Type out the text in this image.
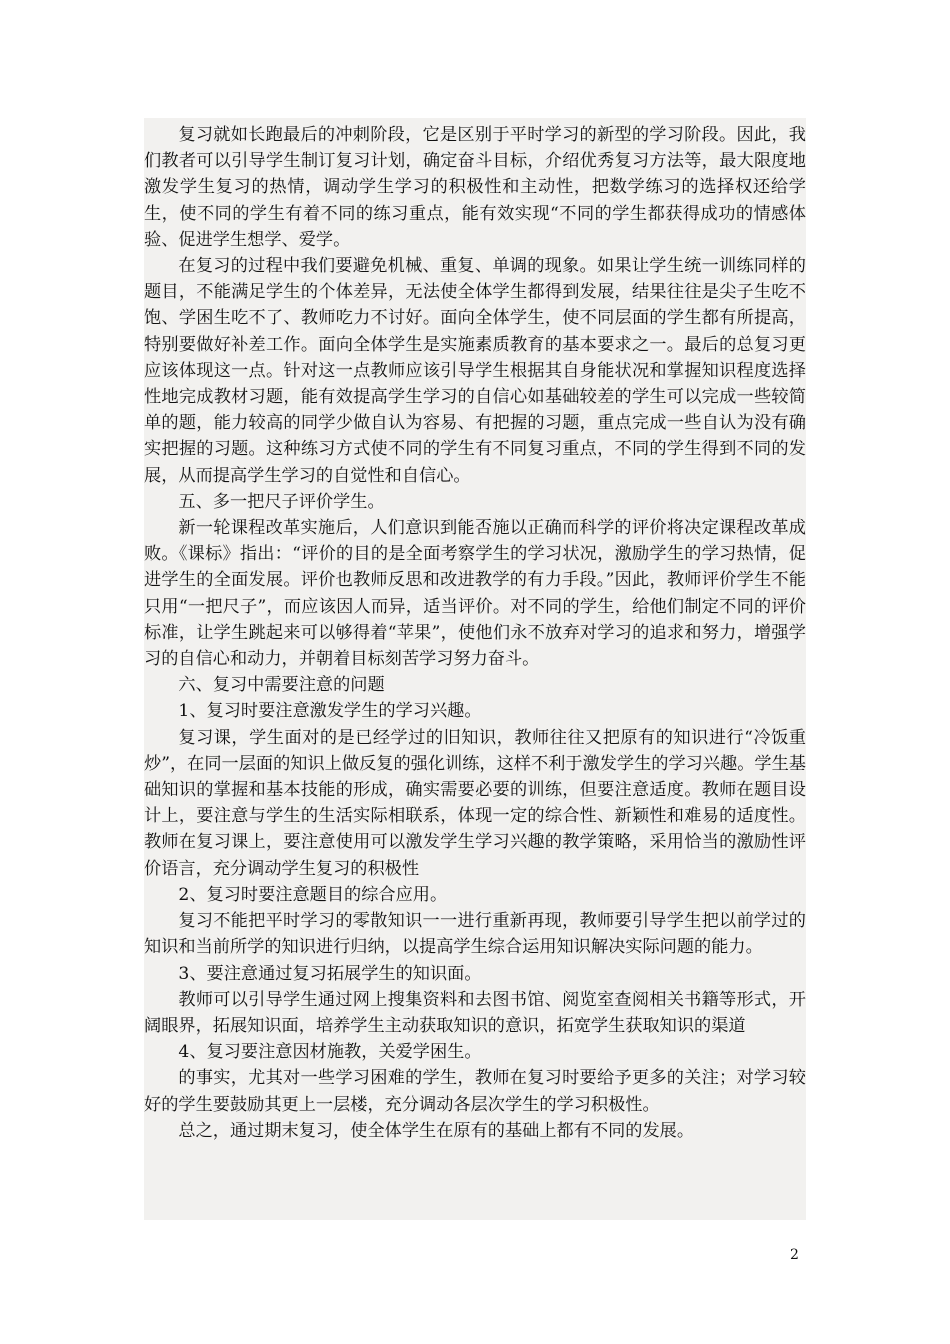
复习就如长跑最后的冲刺阶段，它是区别于平时学习的新型的学习阶段。因此，我们教者可以引导学生制订复习计划，确定奋斗目标，介绍优秀复习方法等，最大限度地激发学生复习的热情，调动学生学习的积极性和主动性，把数学练习的选择权还给学生，使不同的学生有着不同的练习重点，能有效实现“不同的学生都获得成功的情感体验、促进学生想学、爱学。

在复习的过程中我们要避免机械、重复、单调的现象。如果让学生统一训练同样的题目，不能满足学生的个体差异，无法使全体学生都得到发展，结果往往是尖子生吃不饱、学困生吃不了、教师吃力不讨好。面向全体学生，使不同层面的学生都有所提高，特别要做好补差工作。面向全体学生是实施素质教育的基本要求之一。最后的总复习更应该体现这一点。针对这一点教师应该引导学生根据其自身能状况和掌握知识程度选择性地完成教材习题，能有效提高学生学习的自信心如基础较差的学生可以完成一些较简单的题，能力较高的同学少做自认为容易、有把握的习题，重点完成一些自认为没有确实把握的习题。这种练习方式使不同的学生有不同复习重点，不同的学生得到不同的发展，从而提高学生学习的自觉性和自信心。

五、多一把尺子评价学生。

新一轮课程改革实施后，人们意识到能否施以正确而科学的评价将决定课程改革成败。《课标》指出：“评价的目的是全面考察学生的学习状况，激励学生的学习热情，促进学生的全面发展。评价也教师反思和改进教学的有力手段。”因此，教师评价学生不能只用“一把尺子”，而应该因人而异，适当评价。对不同的学生，给他们制定不同的评价标准，让学生跳起来可以够得着“苹果”，使他们永不放弃对学习的追求和努力，增强学习的自信心和动力，并朝着目标刻苦学习努力奋斗。

六、复习中需要注意的问题

1、复习时要注意激发学生的学习兴趣。

复习课，学生面对的是已经学过的旧知识，教师往往又把原有的知识进行“冷饭重炒”，在同一层面的知识上做反复的强化训练，这样不利于激发学生的学习兴趣。学生基础知识的掌握和基本技能的形成，确实需要必要的训练，但要注意适度。教师在题目设计上，要注意与学生的生活实际相联系，体现一定的综合性、新颖性和难易的适度性。教师在复习课上，要注意使用可以激发学生学习兴趣的教学策略，采用恰当的激励性评价语言，充分调动学生复习的积极性

2、复习时要注意题目的综合应用。

复习不能把平时学习的零散知识一一进行重新再现，教师要引导学生把以前学过的知识和当前所学的知识进行归纳，以提高学生综合运用知识解决实际问题的能力。

3、要注意通过复习拓展学生的知识面。

教师可以引导学生通过网上搜集资料和去图书馆、阅览室查阅相关书籍等形式，开阔眼界，拓展知识面，培养学生主动获取知识的意识，拓宽学生获取知识的渠道

4、复习要注意因材施教，关爱学困生。

的事实，尤其对一些学习困难的学生，教师在复习时要给予更多的关注；对学习较好的学生要鼓励其更上一层楼，充分调动各层次学生的学习积极性。

总之，通过期末复习，使全体学生在原有的基础上都有不同的发展。

2
